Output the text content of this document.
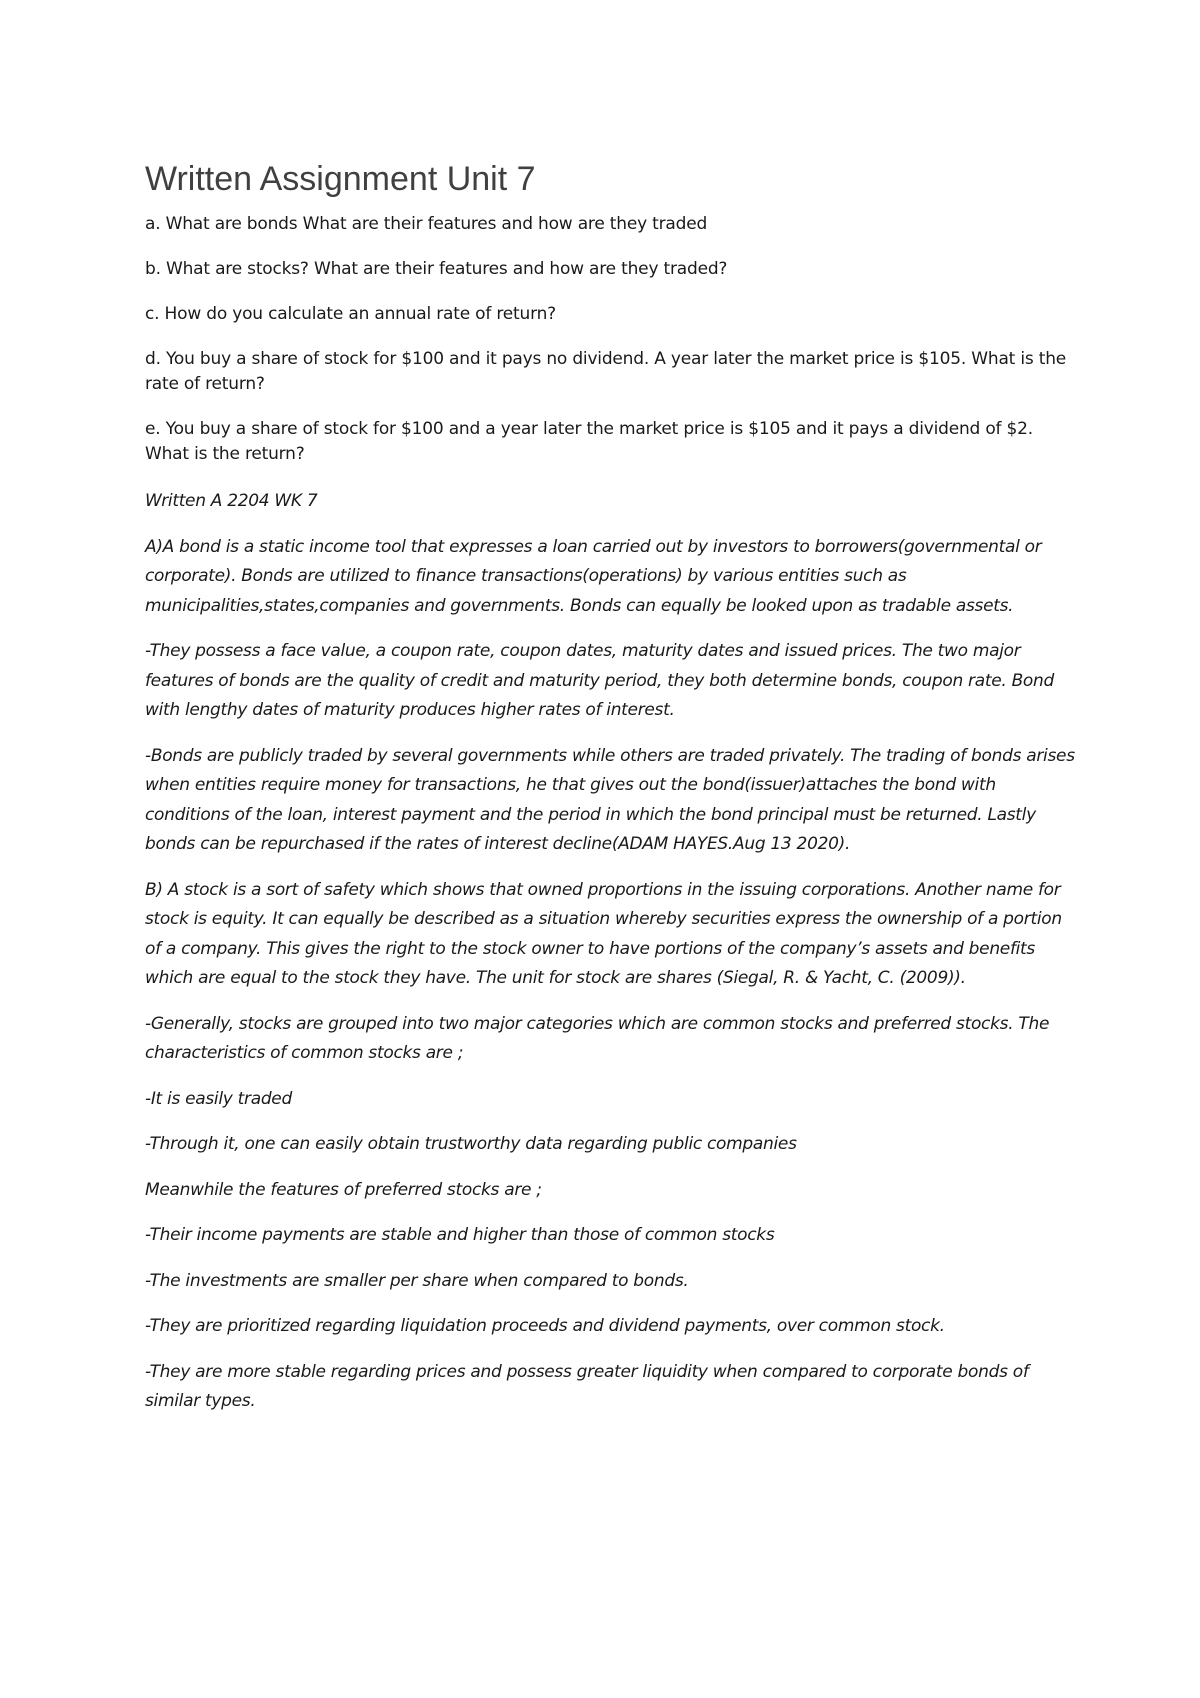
Written Assignment Unit 7

a. What are bonds What are their features and how are they traded

b. What are stocks? What are their features and how are they traded?

c. How do you calculate an annual rate of return?

d. You buy a share of stock for $100 and it pays no dividend. A year later the market price is $105. What is the rate of return?

e. You buy a share of stock for $100 and a year later the market price is $105 and it pays a dividend of $2. What is the return?

Written A 2204 WK 7

A)A bond is a static income tool that expresses a loan carried out by investors to borrowers(governmental or corporate). Bonds are utilized to finance transactions(operations) by various entities such as municipalities,states,companies and governments. Bonds can equally be looked upon as tradable assets.

-They possess a face value, a coupon rate, coupon dates, maturity dates and issued prices. The two major features of bonds are the quality of credit and maturity period, they both determine bonds, coupon rate. Bond with lengthy dates of maturity produces higher rates of interest.

-Bonds are publicly traded by several governments while others are traded privately. The trading of bonds arises when entities require money for transactions, he that gives out the bond(issuer)attaches the bond with conditions of the loan, interest payment and the period in which the bond principal must be returned. Lastly bonds can be repurchased if the rates of interest decline(ADAM HAYES.Aug 13 2020).

B) A stock is a sort of safety which shows that owned proportions in the issuing corporations. Another name for stock is equity. It can equally be described as a situation whereby securities express the ownership of a portion of a company. This gives the right to the stock owner to have portions of the company’s assets and benefits which are equal to the stock they have. The unit for stock are shares (Siegal, R. & Yacht, C. (2009)).

-Generally, stocks are grouped into two major categories which are common stocks and preferred stocks. The characteristics of common stocks are ;

-It is easily traded

-Through it, one can easily obtain trustworthy data regarding public companies

Meanwhile the features of preferred stocks are ;

-Their income payments are stable and higher than those of common stocks

-The investments are smaller per share when compared to bonds.

-They are prioritized regarding liquidation proceeds and dividend payments, over common stock.

-They are more stable regarding prices and possess greater liquidity when compared to corporate bonds of similar types.
